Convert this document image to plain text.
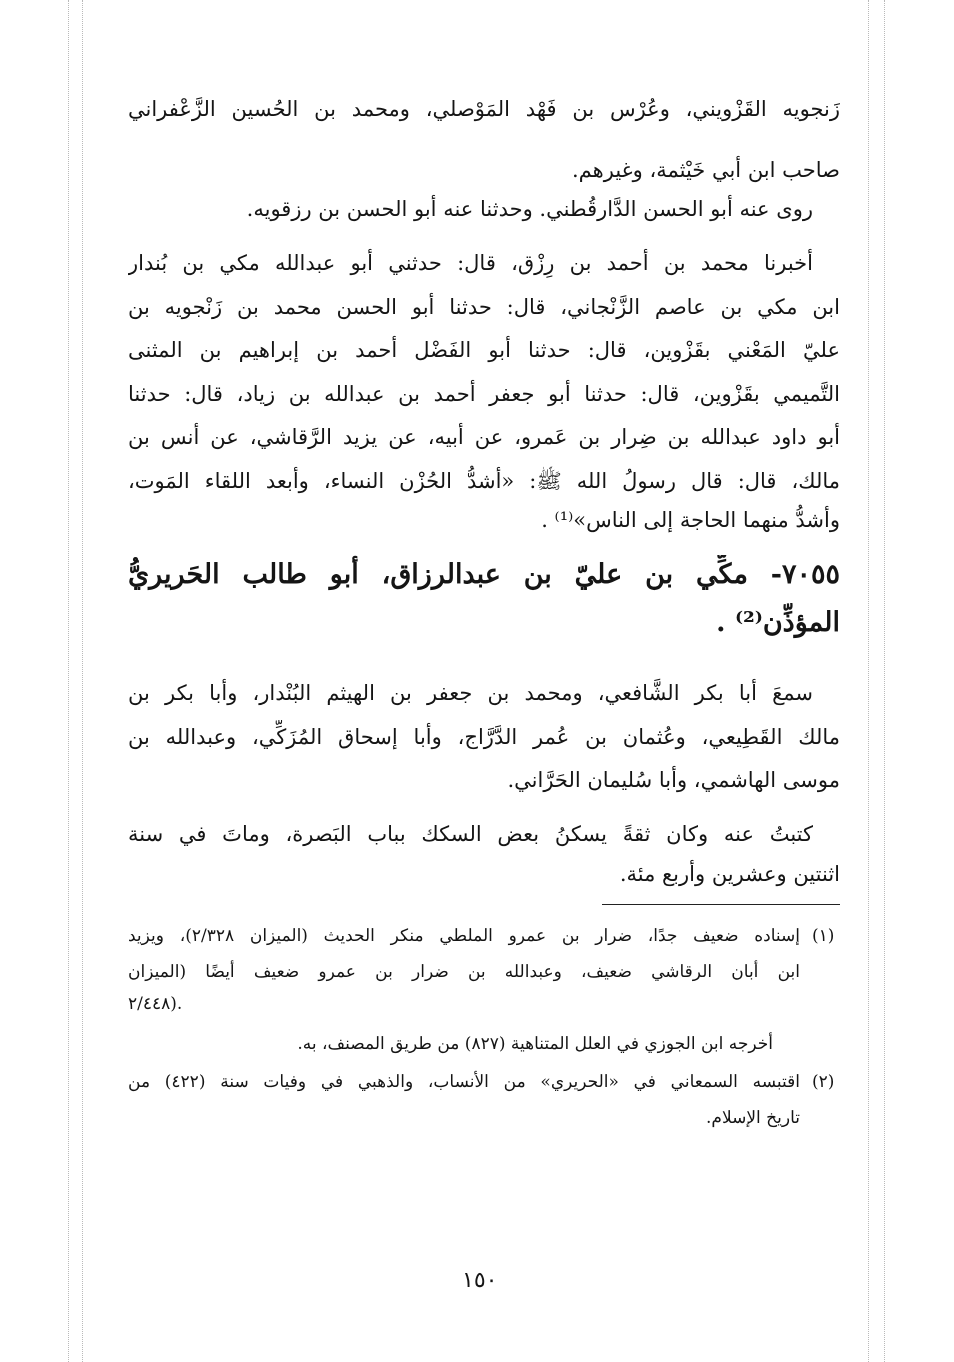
زَنجويه القَزْويني، وعُرْس بن فَهْد المَوْصلي، ومحمد بن الحُسين الزَّعْفراني
صاحب ابن أبي خَيْثمة، وغيرهم.
روى عنه أبو الحسن الدَّارقُطني. وحدثنا عنه أبو الحسن بن رزقويه.
أخبرنا محمد بن أحمد بن رِزْق، قال: حدثني أبو عبدالله مكي بن بُندار
ابن مكي بن عاصم الزَّنْجاني، قال: حدثنا أبو الحسن محمد بن زَنْجويه بن
عليّ المَعْني بقَزْوين، قال: حدثنا أبو الفَضْل أحمد بن إبراهيم بن المثنى
التَّميمي بقَزْوين، قال: حدثنا أبو جعفر أحمد بن عبدالله بن زياد، قال: حدثنا
أبو داود عبدالله بن ضِرار بن عَمرو، عن أبيه، عن يزيد الرَّقاشي، عن أنس بن
مالك، قال: قال رسولُ الله ﷺ: «أشدُّ الحُزْن النساء، وأبعد اللقاء المَوت،
وأشدُّ منهما الحاجة إلى الناس»⁽¹⁾ .
٧٠٥٥- مكِّي بن عليّ بن عبدالرزاق، أبو طالب الحَريريُّ
المؤذِّن⁽²⁾ .
سمعَ أبا بكر الشَّافعي، ومحمد بن جعفر بن الهيثم البُنْدار، وأبا بكر بن
مالك القَطِيعي، وعُثمان بن عُمر الدَّرَّاج، وأبا إسحاق المُزَكِّي، وعبدالله بن
موسى الهاشمي، وأبا سُليمان الحَرَّاني.
كتبتُ عنه وكان ثقةً يسكنُ بعض السكك بباب البَصرة، وماتَ في سنة
اثنتين وعشرين وأربع مئة.
(١)
إسناده ضعيف جدًا، ضرار بن عمرو الملطي منكر الحديث (الميزان ٢/٣٢٨)، ويزيد
ابن أبان الرقاشي ضعيف، وعبدالله بن ضرار بن عمرو ضعيف أيضًا (الميزان
٢/٤٤٨).
أخرجه ابن الجوزي في العلل المتناهية (٨٢٧) من طريق المصنف، به.
(٢)
اقتبسه السمعاني في «الحريري» من الأنساب، والذهبي في وفيات سنة (٤٢٢) من
تاريخ الإسلام.
١٥٠
